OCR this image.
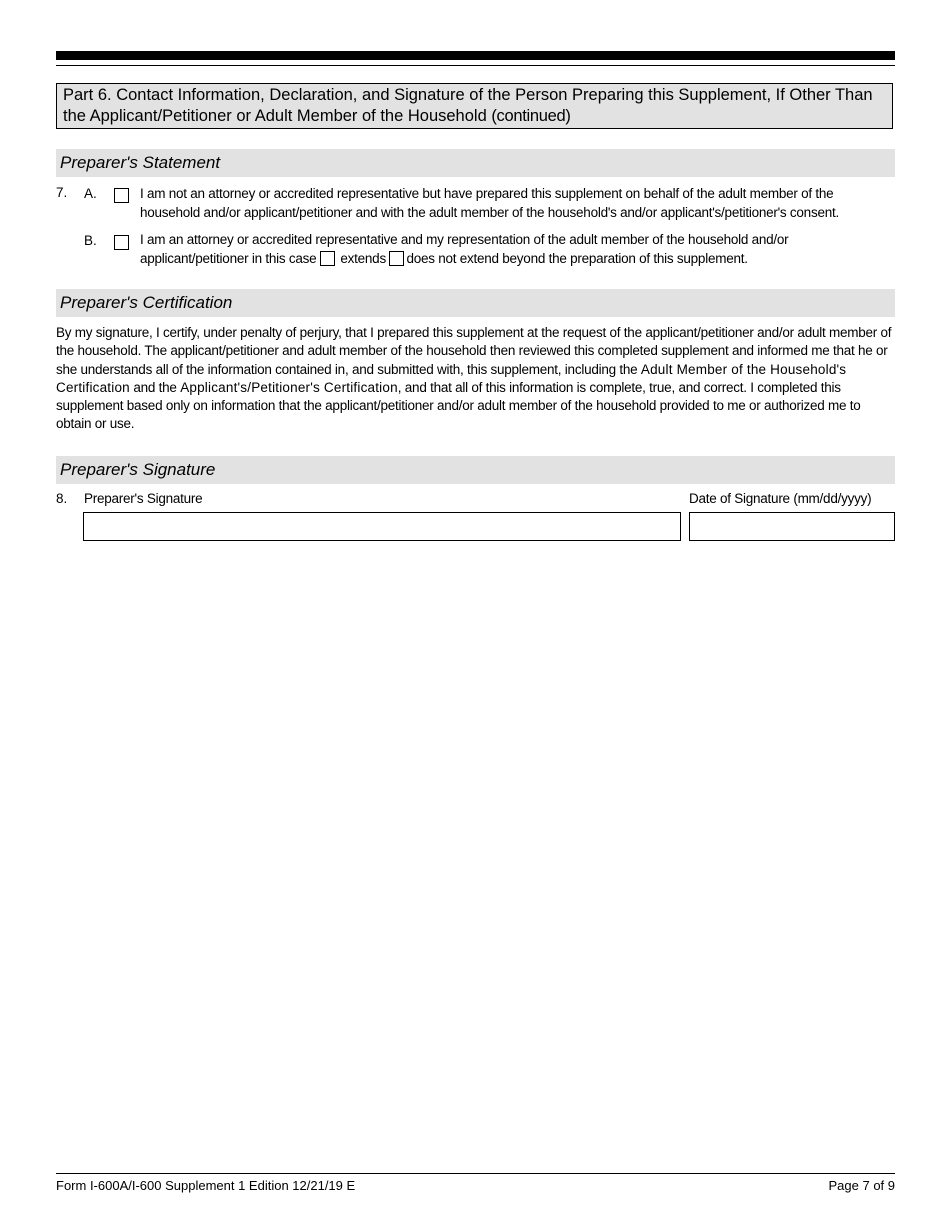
Part 6. Contact Information, Declaration, and Signature of the Person Preparing this Supplement, If Other Than the Applicant/Petitioner or Adult Member of the Household (continued)
Preparer's Statement
7. A.	I am not an attorney or accredited representative but have prepared this supplement on behalf of the adult member of the
household and/or applicant/petitioner and with the adult member of the household's and/or applicant's/petitioner's consent.
B.	I am an attorney or accredited representative and my representation of the adult member of the household and/or
applicant/petitioner in this case extends does not extend beyond the preparation of this supplement.
Preparer's Certification
By my signature, I certify, under penalty of perjury, that I prepared this supplement at the request of the applicant/petitioner and/or adult member of the household. The applicant/petitioner and adult member of the household then reviewed this completed supplement and informed me that he or she understands all of the information contained in, and submitted with, this supplement, including the Adult Member of the Household's Certification and the Applicant's/Petitioner's Certification, and that all of this information is complete, true, and correct. I completed this supplement based only on information that the applicant/petitioner and/or adult member of the household provided to me or authorized me to obtain or use.
Preparer's Signature
8. Preparer's Signature	Date of Signature (mm/dd/yyyy)
Form I-600A/I-600 Supplement 1 Edition 12/21/19 E	Page 7 of 9
